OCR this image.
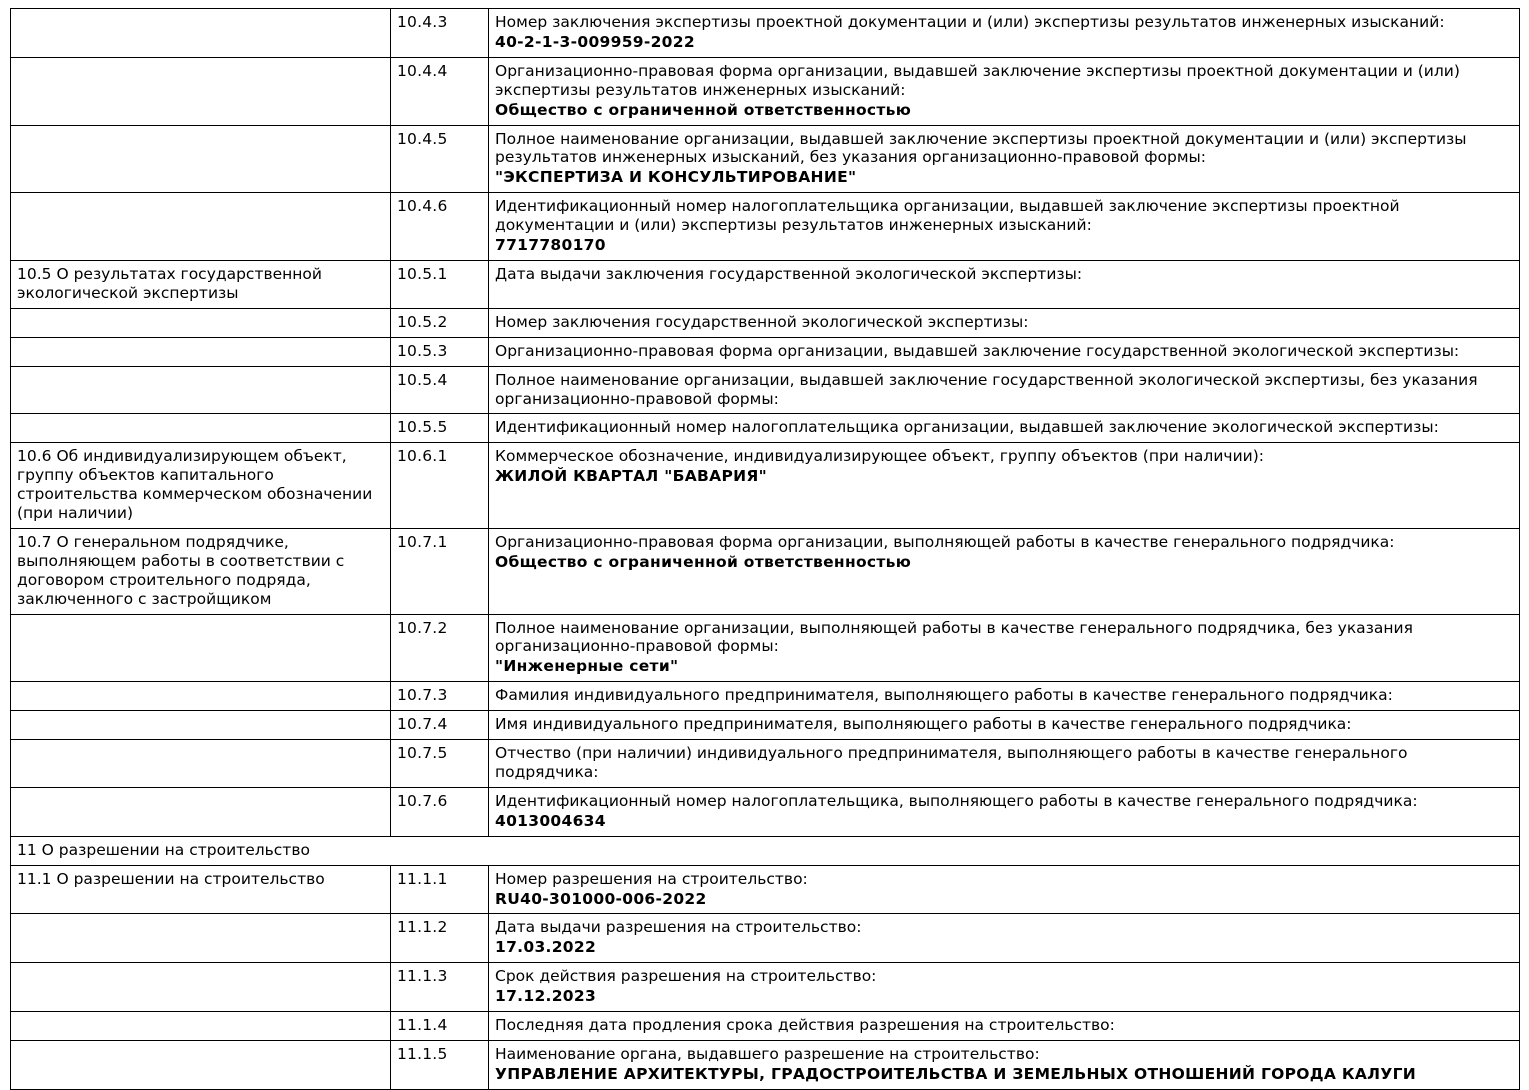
	10.4.3	Номер заключения экспертизы проектной документации и (или) экспертизы результатов инженерных изысканий:
40-2-1-3-009959-2022

	10.4.4	Организационно-правовая форма организации, выдавшей заключение экспертизы проектной документации и (или) экспертизы результатов инженерных изысканий:
Общество с ограниченной ответственностью

	10.4.5	Полное наименование организации, выдавшей заключение экспертизы проектной документации и (или) экспертизы результатов инженерных изысканий, без указания организационно-правовой формы:
"ЭКСПЕРТИЗА И КОНСУЛЬТИРОВАНИЕ"

	10.4.6	Идентификационный номер налогоплательщика организации, выдавшей заключение экспертизы проектной документации и (или) экспертизы результатов инженерных изысканий:
7717780170

10.5 О результатах государственной экологической экспертизы	10.5.1	Дата выдачи заключения государственной экологической экспертизы:

	10.5.2	Номер заключения государственной экологической экспертизы:

	10.5.3	Организационно-правовая форма организации, выдавшей заключение государственной экологической экспертизы:

	10.5.4	Полное наименование организации, выдавшей заключение государственной экологической экспертизы, без указания организационно-правовой формы:

	10.5.5	Идентификационный номер налогоплательщика организации, выдавшей заключение экологической экспертизы:

10.6 Об индивидуализирующем объект, группу объектов капитального строительства коммерческом обозначении (при наличии)	10.6.1	Коммерческое обозначение, индивидуализирующее объект, группу объектов (при наличии):
ЖИЛОЙ КВАРТАЛ "БАВАРИЯ"

10.7 О генеральном подрядчике, выполняющем работы в соответствии с договором строительного подряда, заключенного с застройщиком	10.7.1	Организационно-правовая форма организации, выполняющей работы в качестве генерального подрядчика:
Общество с ограниченной ответственностью

	10.7.2	Полное наименование организации, выполняющей работы в качестве генерального подрядчика, без указания организационно-правовой формы:
"Инженерные сети"

	10.7.3	Фамилия индивидуального предпринимателя, выполняющего работы в качестве генерального подрядчика:

	10.7.4	Имя индивидуального предпринимателя, выполняющего работы в качестве генерального подрядчика:

	10.7.5	Отчество (при наличии) индивидуального предпринимателя, выполняющего работы в качестве генерального подрядчика:

	10.7.6	Идентификационный номер налогоплательщика, выполняющего работы в качестве генерального подрядчика:
4013004634

11 О разрешении на строительство		
11.1 О разрешении на строительство	11.1.1	Номер разрешения на строительство:
RU40-301000-006-2022

	11.1.2	Дата выдачи разрешения на строительство:
17.03.2022

	11.1.3	Срок действия разрешения на строительство:
17.12.2023

	11.1.4	Последняя дата продления срока действия разрешения на строительство:

	11.1.5	Наименование органа, выдавшего разрешение на строительство:
УПРАВЛЕНИЕ АРХИТЕКТУРЫ, ГРАДОСТРОИТЕЛЬСТВА И ЗЕМЕЛЬНЫХ ОТНОШЕНИЙ ГОРОДА КАЛУГИ
